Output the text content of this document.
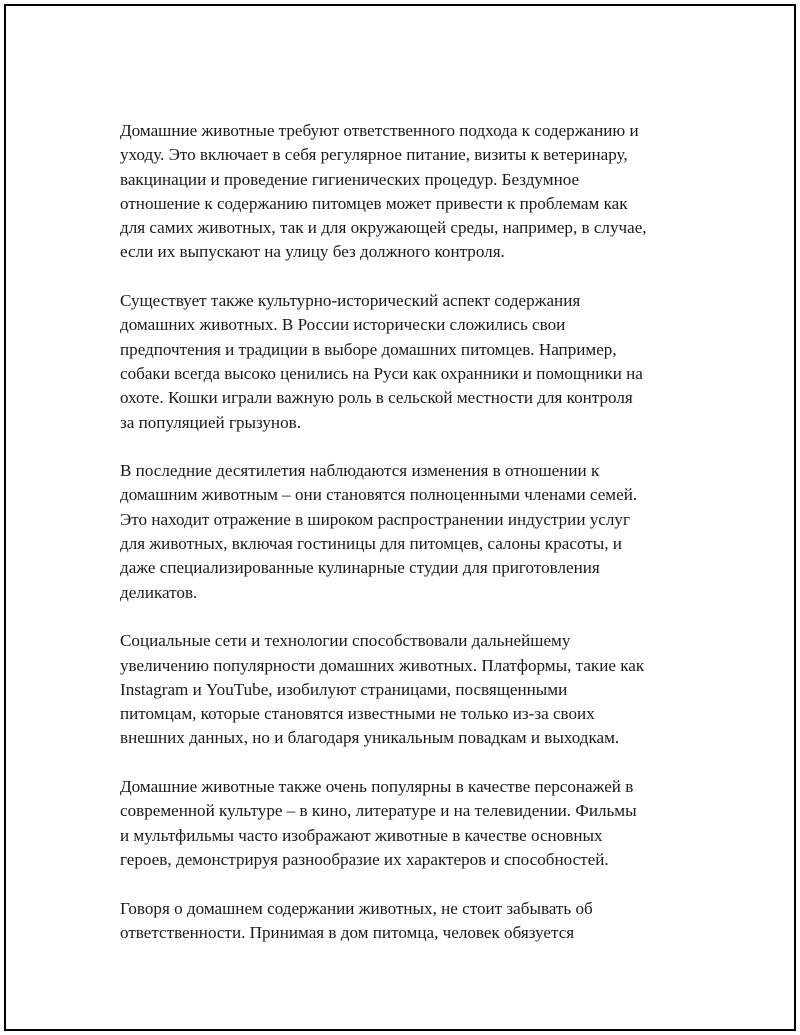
Домашние животные требуют ответственного подхода к содержанию и
уходу. Это включает в себя регулярное питание, визиты к ветеринару,
вакцинации и проведение гигиенических процедур. Бездумное
отношение к содержанию питомцев может привести к проблемам как
для самих животных, так и для окружающей среды, например, в случае,
если их выпускают на улицу без должного контроля.

Существует также культурно-исторический аспект содержания
домашних животных. В России исторически сложились свои
предпочтения и традиции в выборе домашних питомцев. Например,
собаки всегда высоко ценились на Руси как охранники и помощники на
охоте. Кошки играли важную роль в сельской местности для контроля
за популяцией грызунов.

В последние десятилетия наблюдаются изменения в отношении к
домашним животным – они становятся полноценными членами семей.
Это находит отражение в широком распространении индустрии услуг
для животных, включая гостиницы для питомцев, салоны красоты, и
даже специализированные кулинарные студии для приготовления
деликатов.

Социальные сети и технологии способствовали дальнейшему
увеличению популярности домашних животных. Платформы, такие как
Instagram и YouTube, изобилуют страницами, посвященными
питомцам, которые становятся известными не только из-за своих
внешних данных, но и благодаря уникальным повадкам и выходкам.

Домашние животные также очень популярны в качестве персонажей в
современной культуре – в кино, литературе и на телевидении. Фильмы
и мультфильмы часто изображают животные в качестве основных
героев, демонстрируя разнообразие их характеров и способностей.

Говоря о домашнем содержании животных, не стоит забывать об
ответственности. Принимая в дом питомца, человек обязуется
